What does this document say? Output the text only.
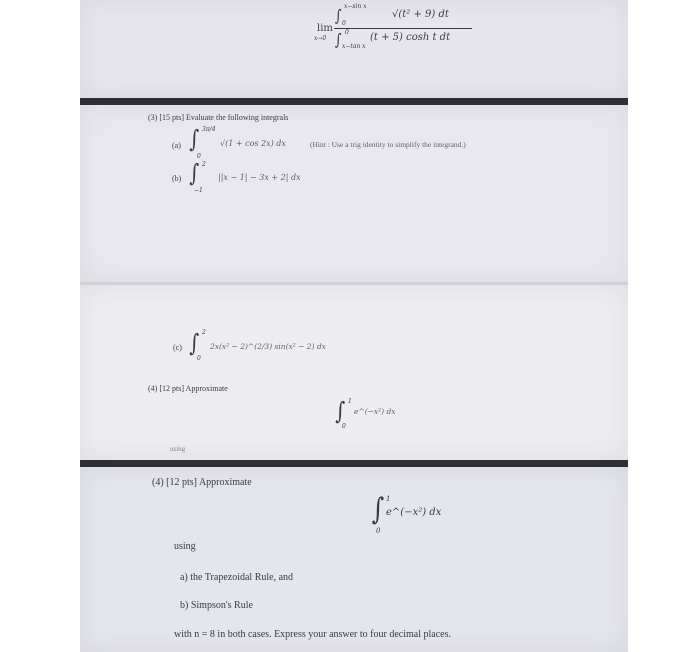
lim
x→0
∫ x−sin x
0
√(t² + 9) dt
∫ 0
x−tan x
(t + 5) cosh t dt
(3) [15 pts] Evaluate the following integrals
(a) ∫ 3π/4
0
√(1 + cos 2x) dx	(Hint : Use a trig identity to simplify the integrand.)
(b) ∫ 2
−1
||x − 1| − 3x + 2| dx
(c) ∫ 2
0
2x(x² − 2)^(2/3) sin(x² − 2) dx
(4) [12 pts] Approximate
∫ 1
0
e^(−x²) dx
using
(4) [12 pts] Approximate
∫ 1
0
e^(−x²) dx
using
a) the Trapezoidal Rule, and
b) Simpson's Rule
with n = 8 in both cases. Express your answer to four decimal places.
